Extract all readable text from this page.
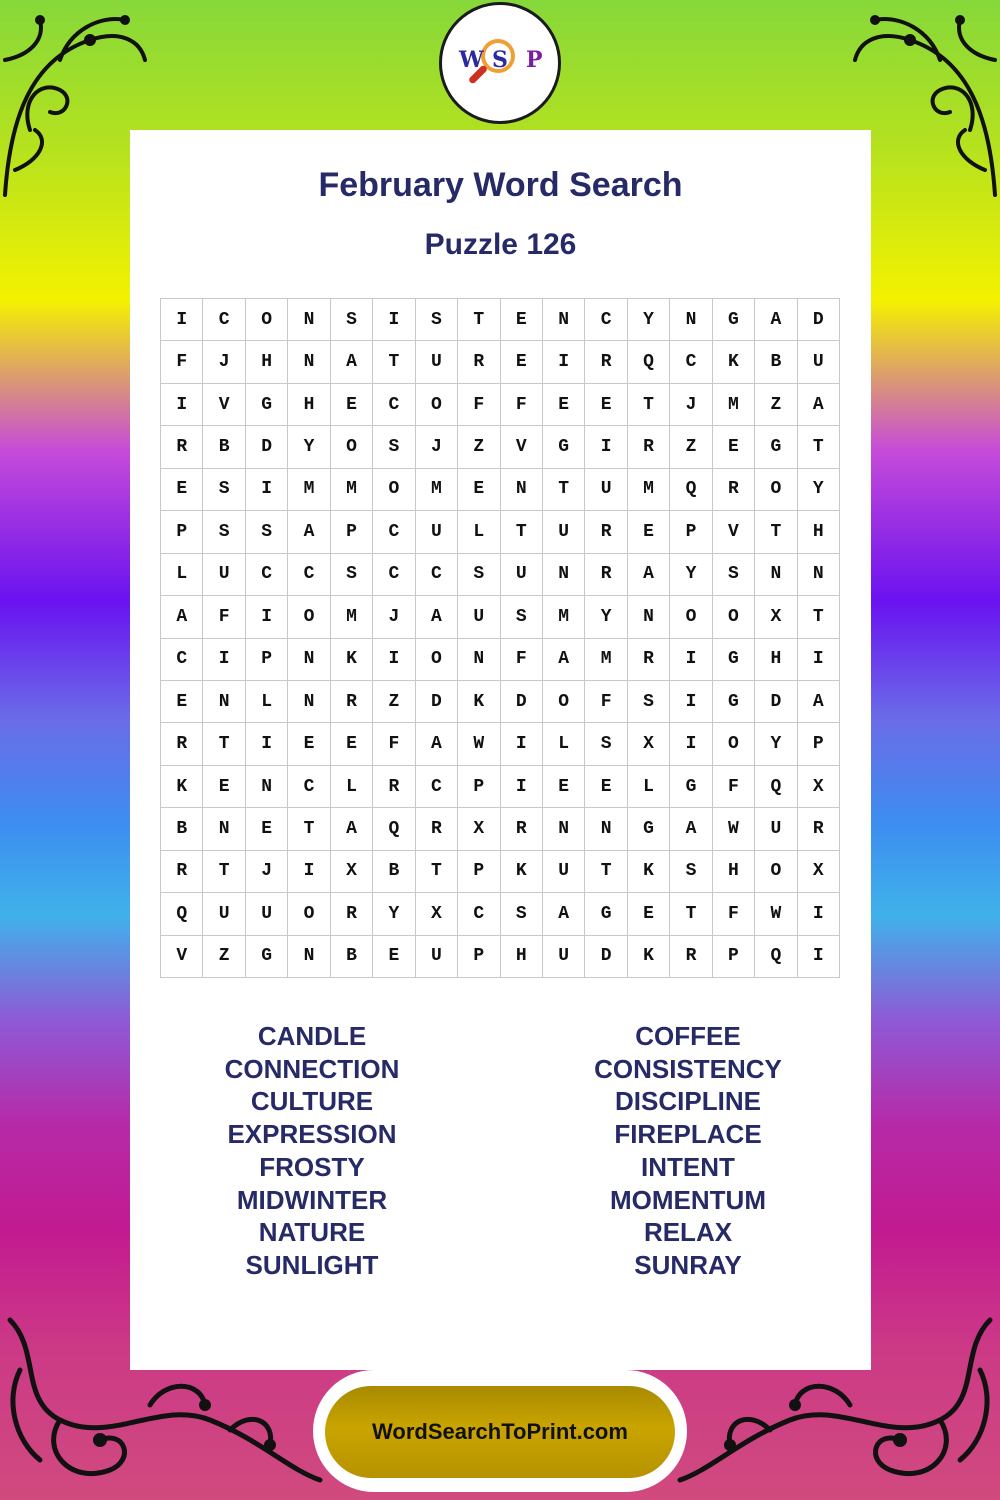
W S P
February Word Search
Puzzle 126
I	C	O	N	S	I	S	T	E	N	C	Y	N	G	A	D
F	J	H	N	A	T	U	R	E	I	R	Q	C	K	B	U
I	V	G	H	E	C	O	F	F	E	E	T	J	M	Z	A
R	B	D	Y	O	S	J	Z	V	G	I	R	Z	E	G	T
E	S	I	M	M	O	M	E	N	T	U	M	Q	R	O	Y
P	S	S	A	P	C	U	L	T	U	R	E	P	V	T	H
L	U	C	C	S	C	C	S	U	N	R	A	Y	S	N	N
A	F	I	O	M	J	A	U	S	M	Y	N	O	O	X	T
C	I	P	N	K	I	O	N	F	A	M	R	I	G	H	I
E	N	L	N	R	Z	D	K	D	O	F	S	I	G	D	A
R	T	I	E	E	F	A	W	I	L	S	X	I	O	Y	P
K	E	N	C	L	R	C	P	I	E	E	L	G	F	Q	X
B	N	E	T	A	Q	R	X	R	N	N	G	A	W	U	R
R	T	J	I	X	B	T	P	K	U	T	K	S	H	O	X
Q	U	U	O	R	Y	X	C	S	A	G	E	T	F	W	I
V	Z	G	N	B	E	U	P	H	U	D	K	R	P	Q	I
CANDLE
CONNECTION
CULTURE
EXPRESSION
FROSTY
MIDWINTER
NATURE
SUNLIGHT
COFFEE
CONSISTENCY
DISCIPLINE
FIREPLACE
INTENT
MOMENTUM
RELAX
SUNRAY
WordSearchToPrint.com
